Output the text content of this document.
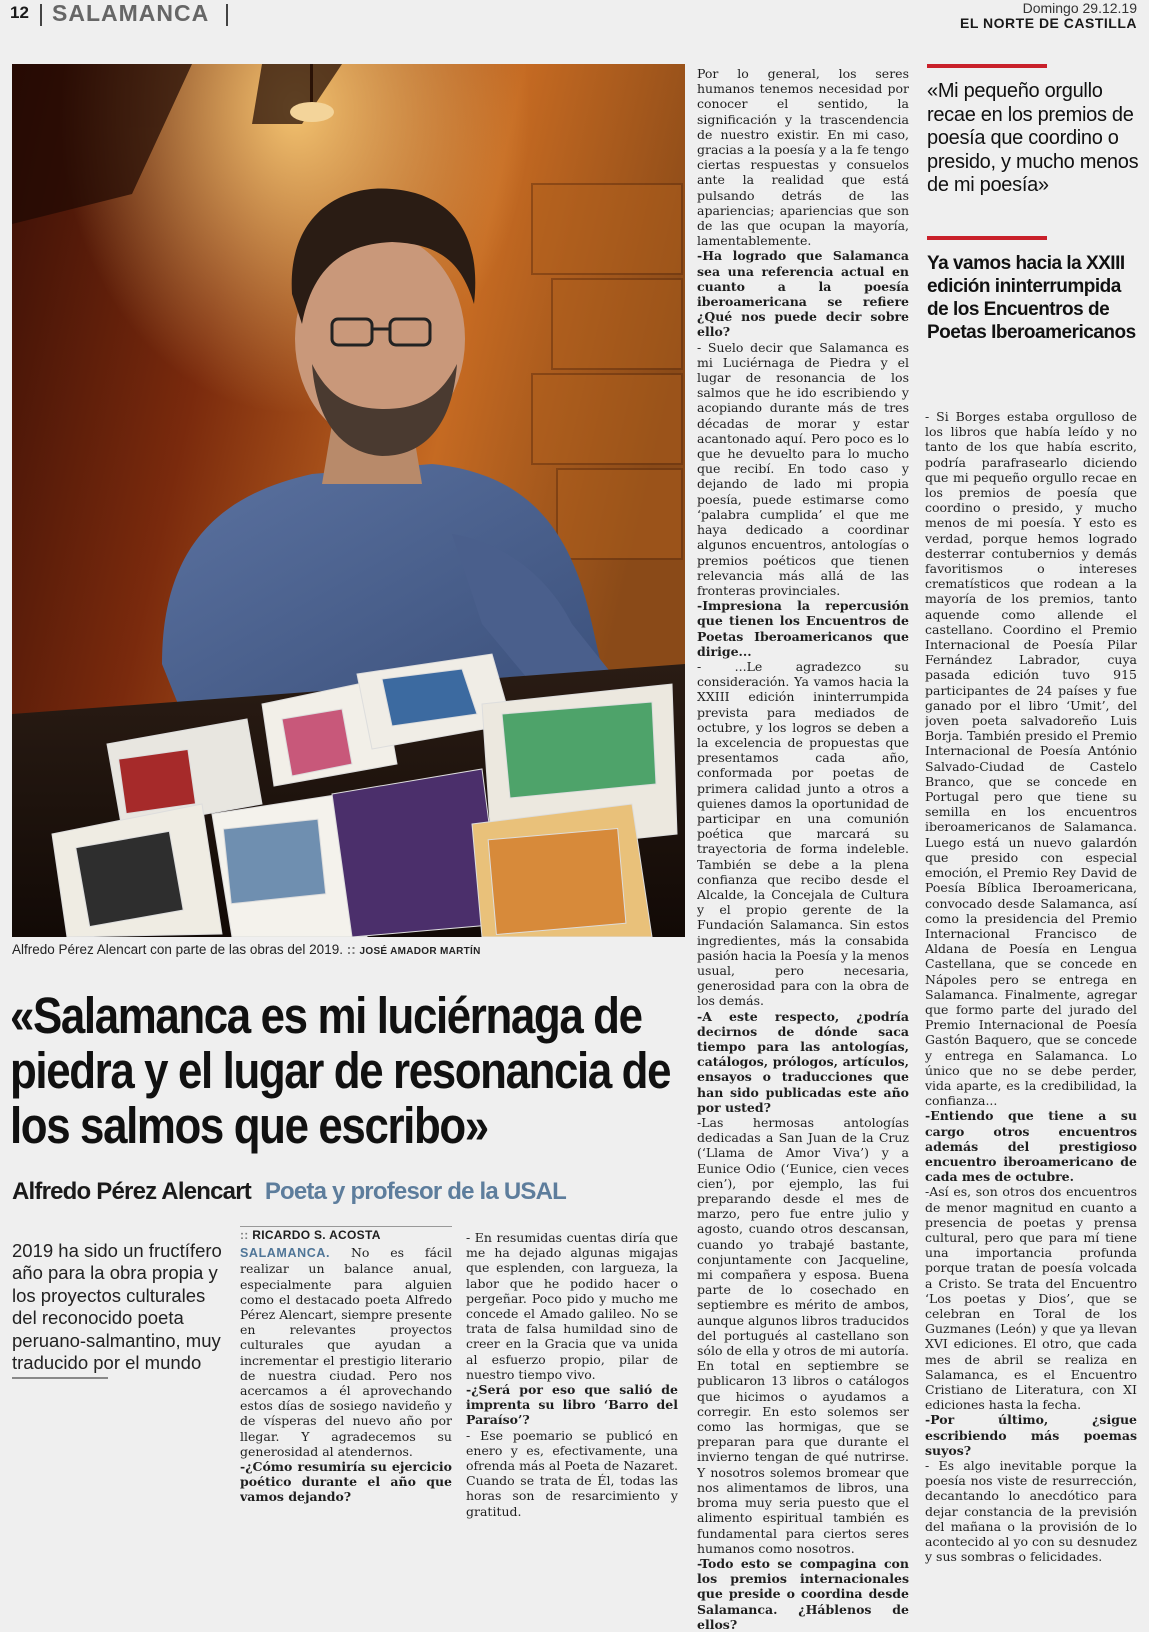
12 SALAMANCA	Domingo 29.12.19
EL NORTE DE CASTILLA
Alfredo Pérez Alencart con parte de las obras del 2019. :: JOSÉ AMADOR MARTÍN
«Salamanca es mi luciérnaga de piedra y el lugar de resonancia de los salmos que escribo»
Alfredo Pérez Alencart Poeta y profesor de la USAL
2019 ha sido un fructífero año para la obra propia y los proyectos culturales del reconocido poeta peruano-salmantino, muy traducido por el mundo
:: RICARDO S. ACOSTA

SALAMANCA. No es fácil realizar un balance anual, especialmente para alguien como el destacado poeta Alfredo Pérez Alencart, siempre presente en relevantes proyectos culturales que ayudan a incrementar el prestigio literario de nuestra ciudad. Pero nos acercamos a él aprovechando estos días de sosiego navideño y de vísperas del nuevo año por llegar. Y agradecemos su generosidad al atendernos.

-¿Cómo resumiría su ejercicio poético durante el año que vamos dejando?

- En resumidas cuentas diría que me ha dejado algunas migajas que esplenden, con largueza, la labor que he podido hacer o pergeñar. Poco pido y mucho me concede el Amado galileo. No se trata de falsa humildad sino de creer en la Gracia que va unida al esfuerzo propio, pilar de nuestro tiempo vivo.

-¿Será por eso que salió de imprenta su libro ‘Barro del Paraíso’?

- Ese poemario se publicó en enero y es, efectivamente, una ofrenda más al Poeta de Nazaret. Cuando se trata de Él, todas las horas son de resarcimiento y gratitud.

Por lo general, los seres humanos tenemos necesidad por conocer el sentido, la significación y la trascendencia de nuestro existir. En mi caso, gracias a la poesía y a la fe tengo ciertas respuestas y consuelos ante la realidad que está pulsando detrás de las apariencias; apariencias que son de las que ocupan la mayoría, lamentablemente.

-Ha logrado que Salamanca sea una referencia actual en cuanto a la poesía iberoamericana se refiere ¿Qué nos puede decir sobre ello?

- Suelo decir que Salamanca es mi Luciérnaga de Piedra y el lugar de resonancia de los salmos que he ido escribiendo y acopiando durante más de tres décadas de morar y estar acantonado aquí. Pero poco es lo que he devuelto para lo mucho que recibí. En todo caso y dejando de lado mi propia poesía, puede estimarse como ‘palabra cumplida’ el que me haya dedicado a coordinar algunos encuentros, antologías o premios poéticos que tienen relevancia más allá de las fronteras provinciales.

-Impresiona la repercusión que tienen los Encuentros de Poetas Iberoamericanos que dirige...

- ...Le agradezco su consideración. Ya vamos hacia la XXIII edición ininterrumpida prevista para mediados de octubre, y los logros se deben a la excelencia de propuestas que presentamos cada año, conformada por poetas de primera calidad junto a otros a quienes damos la oportunidad de participar en una comunión poética que marcará su trayectoria de forma indeleble. También se debe a la plena confianza que recibo desde el Alcalde, la Concejala de Cultura y el propio gerente de la Fundación Salamanca. Sin estos ingredientes, más la consabida pasión hacia la Poesía y la menos usual, pero necesaria, generosidad para con la obra de los demás.

-A este respecto, ¿podría decirnos de dónde saca tiempo para las antologías, catálogos, prólogos, artículos, ensayos o traducciones que han sido publicadas este año por usted?

-Las hermosas antologías dedicadas a San Juan de la Cruz (‘Llama de Amor Viva’) y a Eunice Odio (‘Eunice, cien veces cien’), por ejemplo, las fui preparando desde el mes de marzo, pero fue entre julio y agosto, cuando otros descansan, cuando yo trabajé bastante, conjuntamente con Jacqueline, mi compañera y esposa. Buena parte de lo cosechado en septiembre es mérito de ambos, aunque algunos libros traducidos del portugués al castellano son sólo de ella y otros de mi autoría. En total en septiembre se publicaron 13 libros o catálogos que hicimos o ayudamos a corregir. En esto solemos ser como las hormigas, que se preparan para que durante el invierno tengan de qué nutrirse. Y nosotros solemos bromear que nos alimentamos de libros, una broma muy seria puesto que el alimento espiritual también es fundamental para ciertos seres humanos como nosotros.

-Todo esto se compagina con los premios internacionales que preside o coordina desde Salamanca. ¿Háblenos de ellos?

«Mi pequeño orgullo recae en los premios de poesía que coordino o presido, y mucho menos de mi poesía»
Ya vamos hacia la XXIII edición ininterrumpida de los Encuentros de Poetas Iberoamericanos

- Si Borges estaba orgulloso de los libros que había leído y no tanto de los que había escrito, podría parafrasearlo diciendo que mi pequeño orgullo recae en los premios de poesía que coordino o presido, y mucho menos de mi poesía. Y esto es verdad, porque hemos logrado desterrar contubernios y demás favoritismos o intereses crematísticos que rodean a la mayoría de los premios, tanto aquende como allende el castellano. Coordino el Premio Internacional de Poesía Pilar Fernández Labrador, cuya pasada edición tuvo 915 participantes de 24 países y fue ganado por el libro ‘Umit’, del joven poeta salvadoreño Luis Borja. También presido el Premio Internacional de Poesía António Salvado-Ciudad de Castelo Branco, que se concede en Portugal pero que tiene su semilla en los encuentros iberoamericanos de Salamanca. Luego está un nuevo galardón que presido con especial emoción, el Premio Rey David de Poesía Bíblica Iberoamericana, convocado desde Salamanca, así como la presidencia del Premio Internacional Francisco de Aldana de Poesía en Lengua Castellana, que se concede en Nápoles pero se entrega en Salamanca. Finalmente, agregar que formo parte del jurado del Premio Internacional de Poesía Gastón Baquero, que se concede y entrega en Salamanca. Lo único que no se debe perder, vida aparte, es la credibilidad, la confianza...

-Entiendo que tiene a su cargo otros encuentros además del prestigioso encuentro iberoamericano de cada mes de octubre.

-Así es, son otros dos encuentros de menor magnitud en cuanto a presencia de poetas y prensa cultural, pero que para mí tiene una importancia profunda porque tratan de poesía volcada a Cristo. Se trata del Encuentro ‘Los poetas y Dios’, que se celebran en Toral de los Guzmanes (León) y que ya llevan XVI ediciones. El otro, que cada mes de abril se realiza en Salamanca, es el Encuentro Cristiano de Literatura, con XI ediciones hasta la fecha.

-Por último, ¿sigue escribiendo más poemas suyos?

- Es algo inevitable porque la poesía nos viste de resurrección, decantando lo anecdótico para dejar constancia de la previsión del mañana o la provisión de lo acontecido al yo con su desnudez y sus sombras o felicidades.
